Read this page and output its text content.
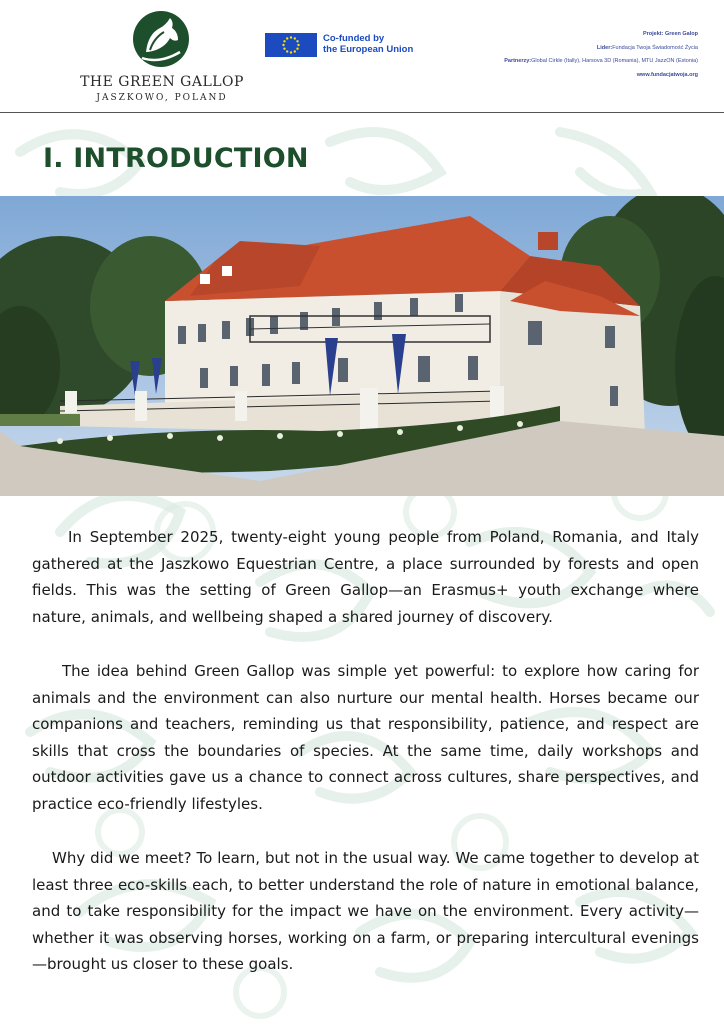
THE GREEN GALLOP
JASZKOWO, POLAND
Co-funded by
the European Union
Projekt: Green Galop
Lider:Fundacja Twoja Świadomość Życia
Partnerzy:Global Cirkle (Itally), Harsova 3D (Romania), MTU JazzON (Estonia)
www.fundacjatwoja.org
I. INTRODUCTION

In September 2025, twenty-eight young people from Poland, Romania, and Italy gathered at the Jaszkowo Equestrian Centre, a place surrounded by forests and open fields. This was the setting of Green Gallop—an Erasmus+ youth exchange where nature, animals, and wellbeing shaped a shared journey of discovery.

The idea behind Green Gallop was simple yet powerful: to explore how caring for animals and the environment can also nurture our mental health. Horses became our companions and teachers, reminding us that responsibility, patience, and respect are skills that cross the boundaries of species. At the same time, daily workshops and outdoor activities gave us a chance to connect across cultures, share perspectives, and practice eco-friendly lifestyles.

Why did we meet? To learn, but not in the usual way. We came together to develop at least three eco-skills each, to better understand the role of nature in emotional balance, and to take responsibility for the impact we have on the environment. Every activity—whether it was observing horses, working on a farm, or preparing intercultural evenings—brought us closer to these goals.
